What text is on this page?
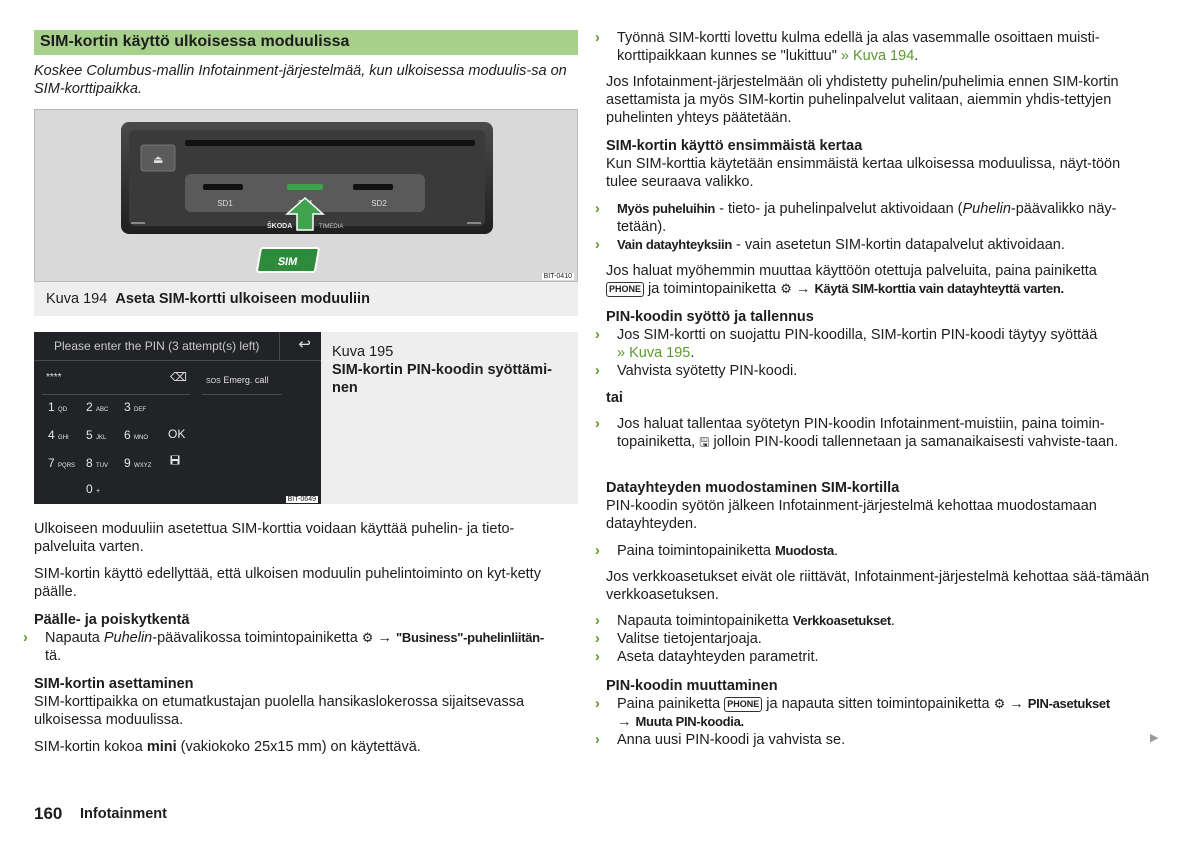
SIM-kortin käyttö ulkoisessa moduulissa
Koskee Columbus-mallin Infotainment-järjestelmää, kun ulkoisessa moduulis-sa on SIM-korttipaikka.
⏏
SD1	SD2
ŠKODA	TIMEDIA
SIM
BIT-0410
Kuva 194 Aseta SIM-kortti ulkoiseen moduuliin
Please enter the PIN (3 attempt(s) left)	↩
****	⌫	SOS Emerg. call
1 QD 2 ABC 3 DEF
4 GHI 5 JKL 6 MNO OK
7 PQRS 8 TUV 9 WXYZ
0 +
BIT-0649
Kuva 195
SIM-kortin PIN-koodin syöttämi-nen
Ulkoiseen moduuliin asetettua SIM-korttia voidaan käyttää puhelin- ja tieto-palveluita varten.
SIM-kortin käyttö edellyttää, että ulkoisen moduulin puhelintoiminto on kyt-ketty päälle.
Päälle- ja poiskytkentä
› Napauta Puhelin-päävalikossa toimintopainiketta ⚙ → "Business"-puhelinliitän-
tä.
SIM-kortin asettaminen
SIM-korttipaikka on etumatkustajan puolella hansikaslokerossa sijaitsevassa ulkoisessa moduulissa.
SIM-kortin kokoa mini (vakiokoko 25x15 mm) on käytettävä.
› Työnnä SIM-kortti lovettu kulma edellä ja alas vasemmalle osoittaen muisti-korttipaikkaan kunnes se "lukittuu" » Kuva 194.
Jos Infotainment-järjestelmään oli yhdistetty puhelin/puhelimia ennen SIM-kortin asettamista ja myös SIM-kortin puhelinpalvelut valitaan, aiemmin yhdis-tettyjen puhelinten yhteys päätetään.
SIM-kortin käyttö ensimmäistä kertaa
Kun SIM-korttia käytetään ensimmäistä kertaa ulkoisessa moduulissa, näyt-töön tulee seuraava valikko.
› Myös puheluihin - tieto- ja puhelinpalvelut aktivoidaan (Puhelin-päävalikko näy-tetään).
› Vain datayhteyksiin - vain asetetun SIM-kortin datapalvelut aktivoidaan.
Jos haluat myöhemmin muuttaa käyttöön otettuja palveluita, paina painiketta
PHONE ja toimintopainiketta ⚙ → Käytä SIM-korttia vain datayhteyttä varten.
PIN-koodin syöttö ja tallennus
› Jos SIM-kortti on suojattu PIN-koodilla, SIM-kortin PIN-koodi täytyy syöttää
» Kuva 195.
› Vahvista syötetty PIN-koodi.
tai
› Jos haluat tallentaa syötetyn PIN-koodin Infotainment-muistiin, paina toimin-topainiketta, 🖫 jolloin PIN-koodi tallennetaan ja samanaikaisesti vahviste-taan.
Datayhteyden muodostaminen SIM-kortilla
PIN-koodin syötön jälkeen Infotainment-järjestelmä kehottaa muodostamaan datayhteyden.
› Paina toimintopainiketta Muodosta.
Jos verkkoasetukset eivät ole riittävät, Infotainment-järjestelmä kehottaa sää-tämään verkkoasetuksen.
› Napauta toimintopainiketta Verkkoasetukset.
› Valitse tietojentarjoaja.
› Aseta datayhteyden parametrit.
PIN-koodin muuttaminen
› Paina painiketta PHONE ja napauta sitten toimintopainiketta ⚙ → PIN-asetukset
→ Muuta PIN-koodia.
› Anna uusi PIN-koodi ja vahvista se.	▶
160 Infotainment
